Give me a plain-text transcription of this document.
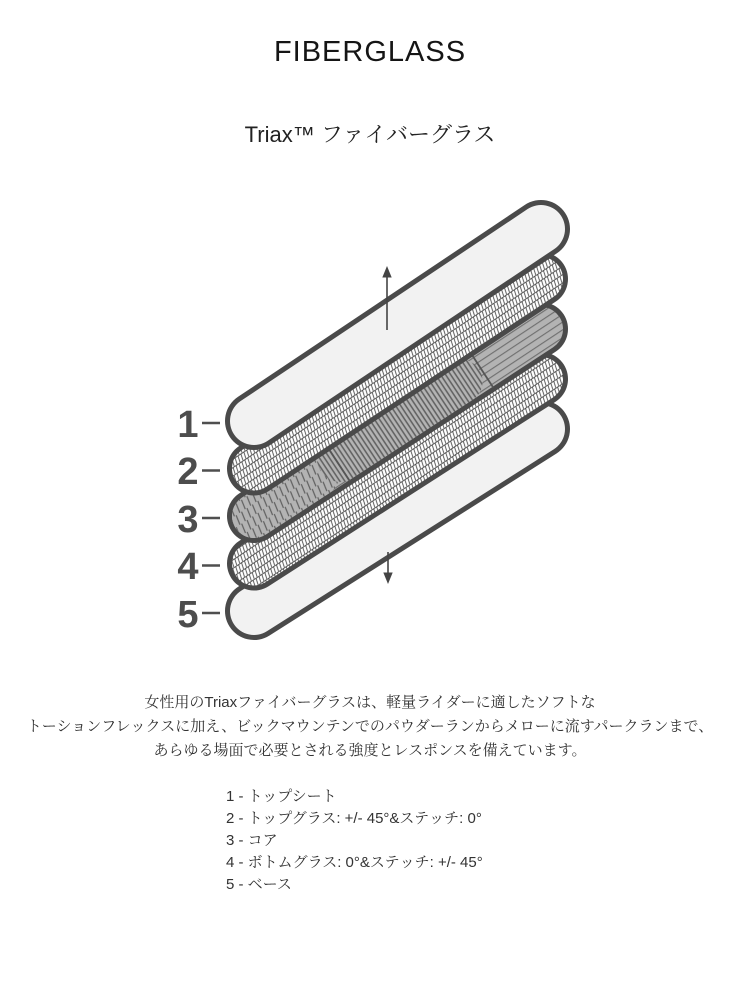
FIBERGLASS
Triax™ ファイバーグラス
1
2
3
4
5
女性用のTriaxファイバーグラスは、軽量ライダーに適したソフトな
トーションフレックスに加え、ビックマウンテンでのパウダーランからメローに流すパークランまで、
あらゆる場面で必要とされる強度とレスポンスを備えています。
1 - トップシート
2 - トップグラス: +/- 45°&ステッチ: 0°
3 - コア
4 - ボトムグラス: 0°&ステッチ: +/- 45°
5 - ベース
